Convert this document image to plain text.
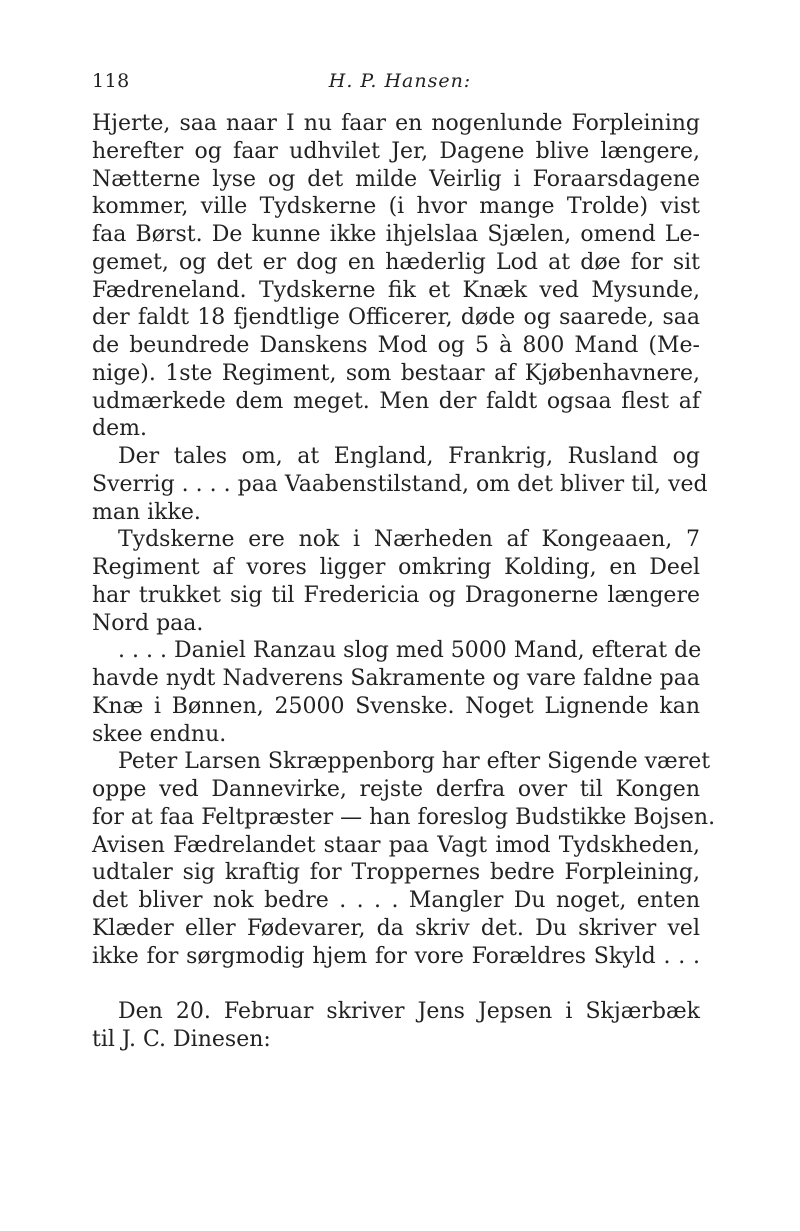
118	H. P. Hansen:
Hjerte, saa naar I nu faar en nogenlunde Forpleining
herefter og faar udhvilet Jer, Dagene blive længere,
Nætterne lyse og det milde Veirlig i Foraarsdagene
kommer, ville Tydskerne (i hvor mange Trolde) vist
faa Børst. De kunne ikke ihjelslaa Sjælen, omend Le-
gemet, og det er dog en hæderlig Lod at døe for sit
Fædreneland. Tydskerne fik et Knæk ved Mysunde,
der faldt 18 fjendtlige Officerer, døde og saarede, saa
de beundrede Danskens Mod og 5 à 800 Mand (Me-
nige). 1ste Regiment, som bestaar af Kjøbenhavnere,
udmærkede dem meget. Men der faldt ogsaa flest af
dem.
Der tales om, at England, Frankrig, Rusland og
Sverrig . . . . paa Vaabenstilstand, om det bliver til, ved
man ikke.
Tydskerne ere nok i Nærheden af Kongeaaen, 7
Regiment af vores ligger omkring Kolding, en Deel
har trukket sig til Fredericia og Dragonerne længere
Nord paa.
. . . . Daniel Ranzau slog med 5000 Mand, efterat de
havde nydt Nadverens Sakramente og vare faldne paa
Knæ i Bønnen, 25000 Svenske. Noget Lignende kan
skee endnu.
Peter Larsen Skræppenborg har efter Sigende været
oppe ved Dannevirke, rejste derfra over til Kongen
for at faa Feltpræster — han foreslog Budstikke Bojsen.
Avisen Fædrelandet staar paa Vagt imod Tydskheden,
udtaler sig kraftig for Troppernes bedre Forpleining,
det bliver nok bedre . . . . Mangler Du noget, enten
Klæder eller Fødevarer, da skriv det. Du skriver vel
ikke for sørgmodig hjem for vore Forældres Skyld . . .
Den 20. Februar skriver Jens Jepsen i Skjærbæk
til J. C. Dinesen:
